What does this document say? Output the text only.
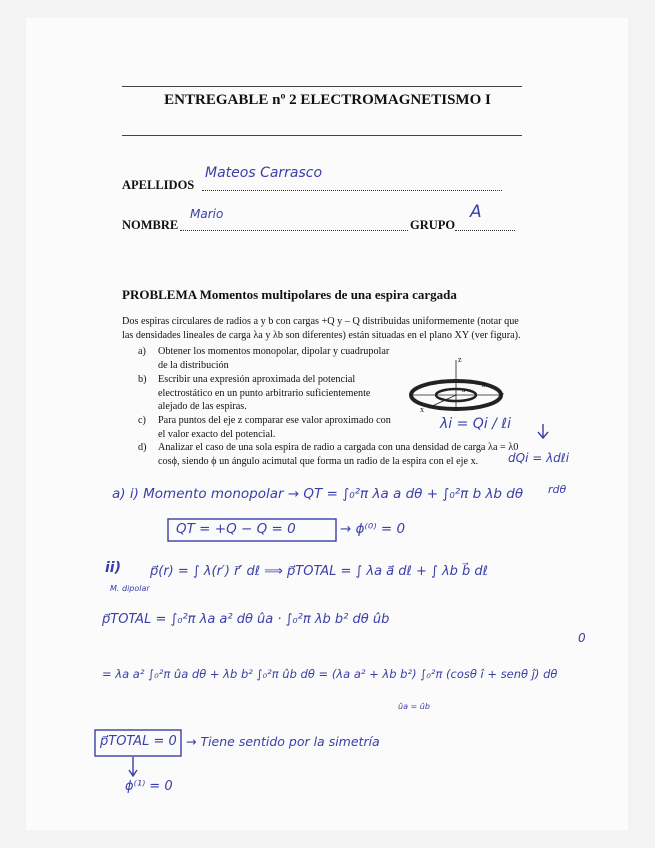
ENTREGABLE nº 2 ELECTROMAGNETISMO I
APELLIDOS
Mateos Carrasco
NOMBRE
Mario
GRUPO
A
PROBLEMA Momentos multipolares de una espira cargada
Dos espiras circulares de radios a y b con cargas +Q y – Q distribuidas uniformemente (notar que las densidades lineales de carga λa y λb son diferentes) están situadas en el plano XY (ver figura).
a) Obtener los momentos monopolar, dipolar y cuadrupolar de la distribución
b) Escribir una expresión aproximada del potencial electrostático en un punto arbitrario suficientemente alejado de las espiras.
c) Para puntos del eje z comparar ese valor aproximado con el valor exacto del potencial.
d) Analizar el caso de una sola espira de radio a cargada con una densidad de carga λa = λ0 cosϕ, siendo ϕ un ángulo acimutal que forma un radio de la espira con el eje x.
z
y
x
a
b
λi = Qi / ℓi
dQi = λdℓi
rdθ
a) i) Momento monopolar → QT = ∫₀²π λa a dθ + ∫₀²π b λb dθ
QT = +Q − Q = 0	→ ϕ⁽⁰⁾ = 0
ii)
M. dipolar
p⃗(r) = ∫ λ(r′) r⃗′ dℓ ⟹ p⃗TOTAL = ∫ λa a⃗ dℓ + ∫ λb b⃗ dℓ
p⃗TOTAL = ∫₀²π λa a² dθ ûa · ∫₀²π λb b² dθ ûb
0
= λa a² ∫₀²π ûa dθ + λb b² ∫₀²π ûb dθ = (λa a² + λb b²) ∫₀²π (cosθ î + senθ ĵ) dθ
ûa = ûb
p⃗TOTAL = 0 → Tiene sentido por la simetría
ϕ⁽¹⁾ = 0
